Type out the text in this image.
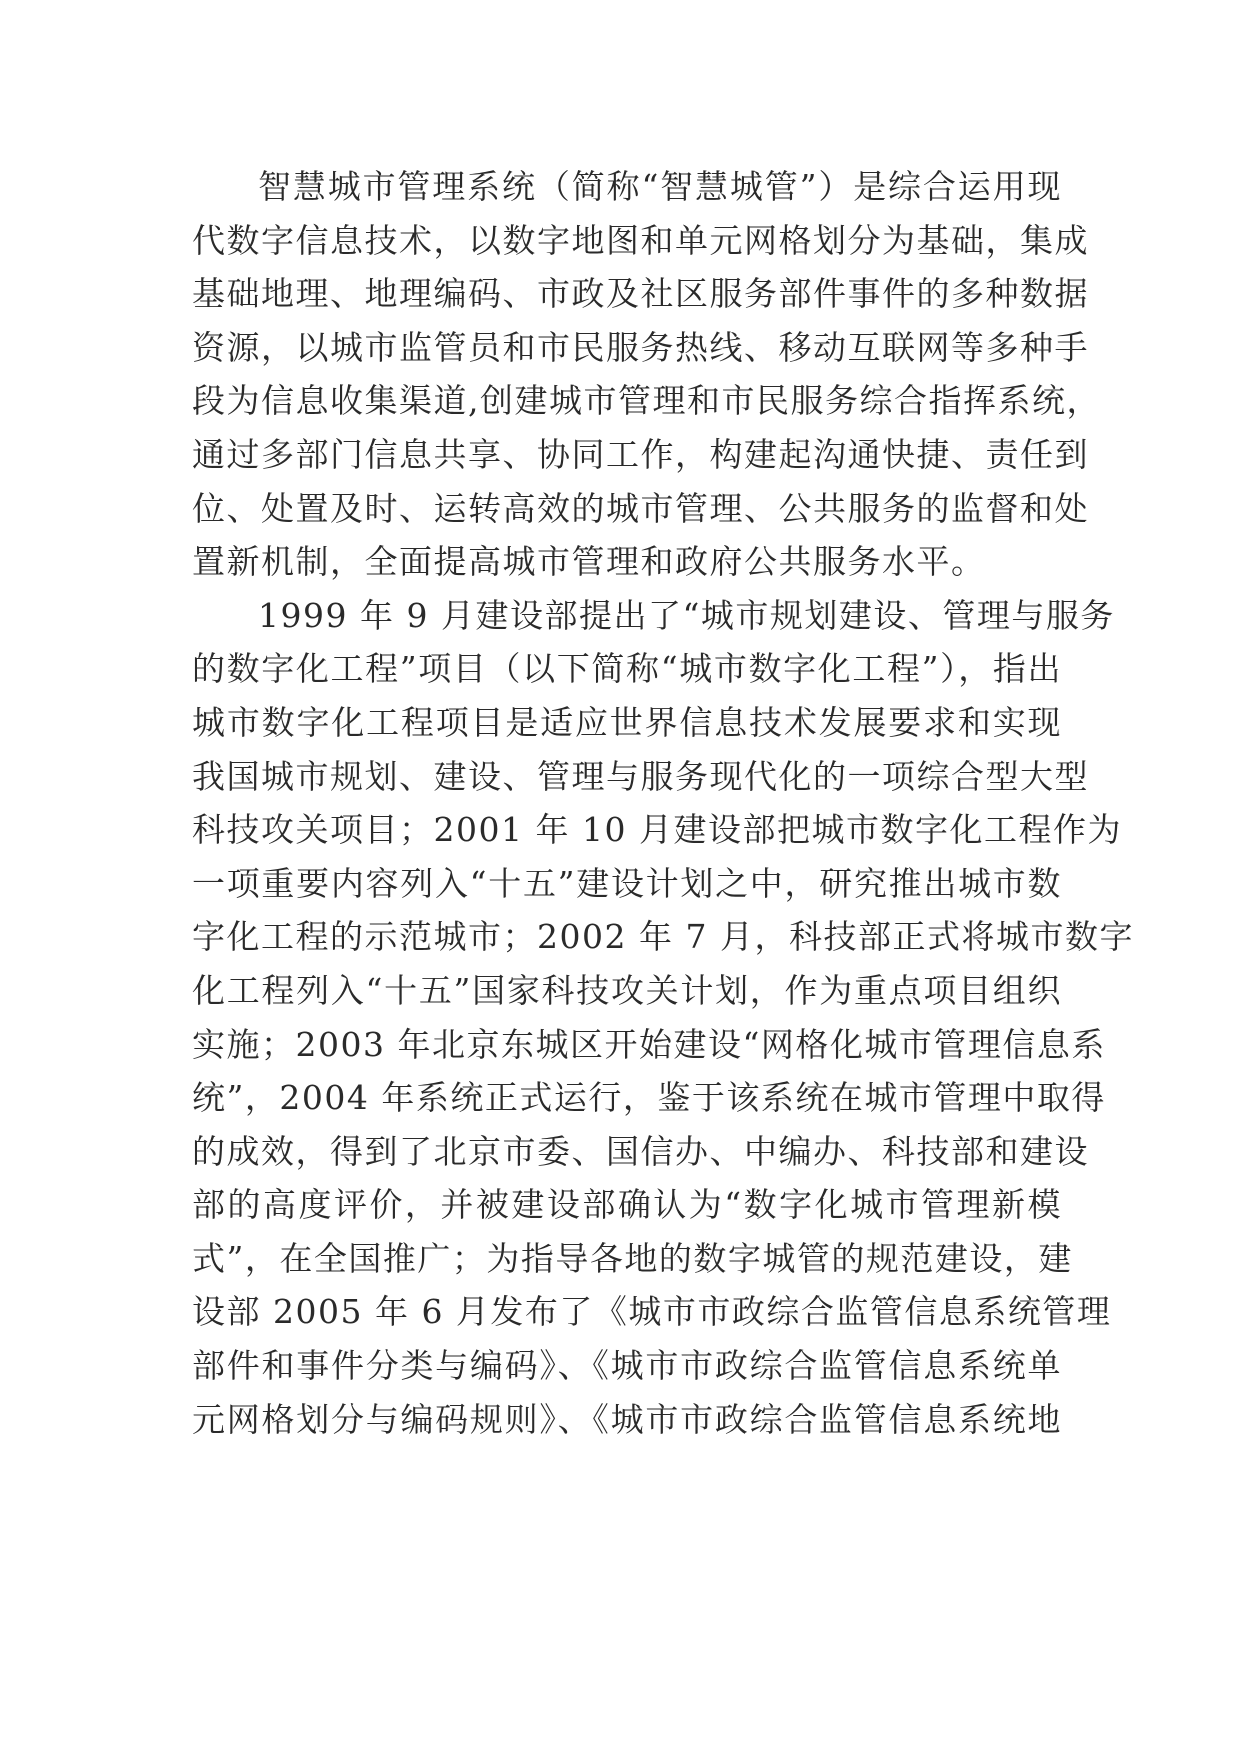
智慧城市管理系统（简称“智慧城管”）是综合运用现
代数字信息技术，以数字地图和单元网格划分为基础，集成
基础地理、地理编码、市政及社区服务部件事件的多种数据
资源，以城市监管员和市民服务热线、移动互联网等多种手
段为信息收集渠道,创建城市管理和市民服务综合指挥系统，
通过多部门信息共享、协同工作，构建起沟通快捷、责任到
位、处置及时、运转高效的城市管理、公共服务的监督和处
置新机制，全面提高城市管理和政府公共服务水平。
1999 年 9 月建设部提出了“城市规划建设、管理与服务
的数字化工程”项目（以下简称“城市数字化工程”），指出
城市数字化工程项目是适应世界信息技术发展要求和实现
我国城市规划、建设、管理与服务现代化的一项综合型大型
科技攻关项目；2001 年 10 月建设部把城市数字化工程作为
一项重要内容列入“十五”建设计划之中，研究推出城市数
字化工程的示范城市；2002 年 7 月，科技部正式将城市数字
化工程列入“十五”国家科技攻关计划，作为重点项目组织
实施；2003 年北京东城区开始建设“网格化城市管理信息系
统”，2004 年系统正式运行，鉴于该系统在城市管理中取得
的成效，得到了北京市委、国信办、中编办、科技部和建设
部的高度评价，并被建设部确认为“数字化城市管理新模
式”，在全国推广；为指导各地的数字城管的规范建设，建
设部 2005 年 6 月发布了《城市市政综合监管信息系统管理
部件和事件分类与编码》、《城市市政综合监管信息系统单
元网格划分与编码规则》、《城市市政综合监管信息系统地
